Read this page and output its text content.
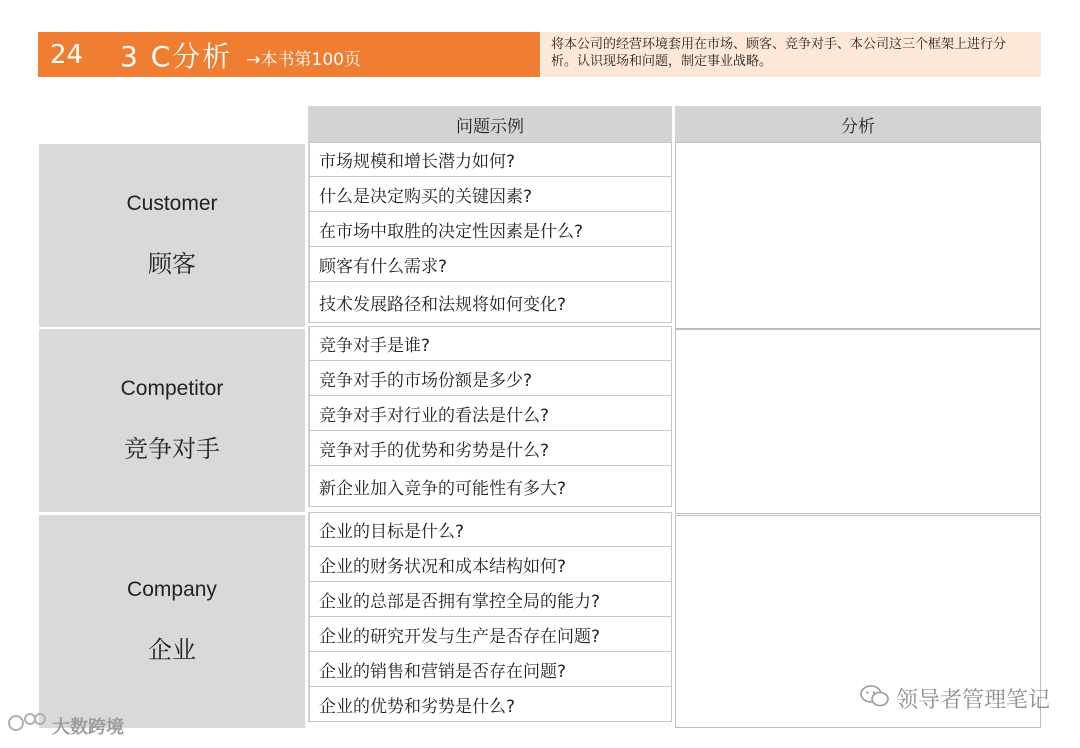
24	3 C分析 →本书第100页
将本公司的经营环境套用在市场、顾客、竞争对手、本公司这三个框架上进行分析。认识现场和问题，制定事业战略。
问题示例	分析
Customer
顾客
市场规模和增长潜力如何?
什么是决定购买的关键因素?
在市场中取胜的决定性因素是什么?
顾客有什么需求?
技术发展路径和法规将如何变化?
Competitor
竞争对手
竞争对手是谁?
竞争对手的市场份额是多少?
竞争对手对行业的看法是什么?
竞争对手的优势和劣势是什么?
新企业加入竞争的可能性有多大?
Company
企业
企业的目标是什么?
企业的财务状况和成本结构如何?
企业的总部是否拥有掌控全局的能力?
企业的研究开发与生产是否存在问题?
企业的销售和营销是否存在问题?
企业的优势和劣势是什么?	领导者管理笔记
大数跨境
